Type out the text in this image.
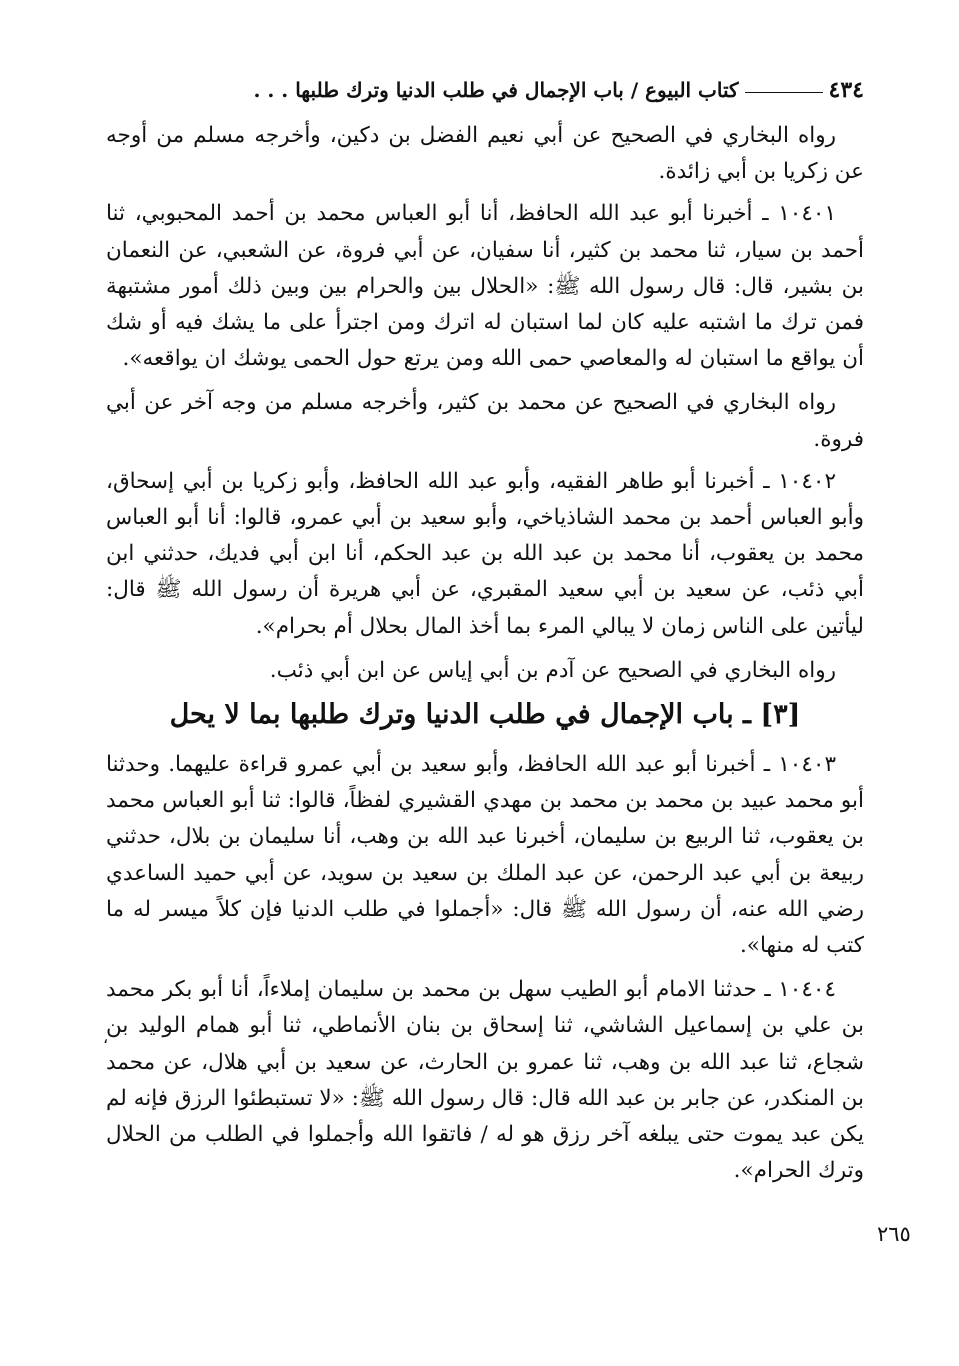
٤٣٤
كتاب البيوع / باب الإجمال في طلب الدنيا وترك طلبها . . .

رواه البخاري في الصحيح عن أبي نعيم الفضل بن دكين، وأخرجه مسلم من أوجه عن زكريا بن أبي زائدة.

١٠٤٠١ ـ أخبرنا أبو عبد الله الحافظ، أنا أبو العباس محمد بن أحمد المحبوبي، ثنا أحمد بن سيار، ثنا محمد بن كثير، أنا سفيان، عن أبي فروة، عن الشعبي، عن النعمان بن بشير، قال: قال رسول الله ﷺ: «الحلال بين والحرام بين وبين ذلك أمور مشتبهة فمن ترك ما اشتبه عليه كان لما استبان له اترك ومن اجترأ على ما يشك فيه أو شك أن يواقع ما استبان له والمعاصي حمى الله ومن يرتع حول الحمى يوشك ان يواقعه».

رواه البخاري في الصحيح عن محمد بن كثير، وأخرجه مسلم من وجه آخر عن أبي فروة.

١٠٤٠٢ ـ أخبرنا أبو طاهر الفقيه، وأبو عبد الله الحافظ، وأبو زكريا بن أبي إسحاق، وأبو العباس أحمد بن محمد الشاذياخي، وأبو سعيد بن أبي عمرو، قالوا: أنا أبو العباس محمد بن يعقوب، أنا محمد بن عبد الله بن عبد الحكم، أنا ابن أبي فديك، حدثني ابن أبي ذئب، عن سعيد بن أبي سعيد المقبري، عن أبي هريرة أن رسول الله ﷺ قال: ليأتين على الناس زمان لا يبالي المرء بما أخذ المال بحلال أم بحرام».

رواه البخاري في الصحيح عن آدم بن أبي إياس عن ابن أبي ذئب.

[٣] ـ باب الإجمال في طلب الدنيا وترك طلبها بما لا يحل

١٠٤٠٣ ـ أخبرنا أبو عبد الله الحافظ، وأبو سعيد بن أبي عمرو قراءة عليهما. وحدثنا أبو محمد عبيد بن محمد بن محمد بن مهدي القشيري لفظاً، قالوا: ثنا أبو العباس محمد بن يعقوب، ثنا الربيع بن سليمان، أخبرنا عبد الله بن وهب، أنا سليمان بن بلال، حدثني ربيعة بن أبي عبد الرحمن، عن عبد الملك بن سعيد بن سويد، عن أبي حميد الساعدي رضي الله عنه، أن رسول الله ﷺ قال: «أجملوا في طلب الدنيا فإن كلاً ميسر له ما كتب له منها».

١٠٤٠٤ ـ حدثنا الامام أبو الطيب سهل بن محمد بن سليمان إملاءاً، أنا أبو بكر محمد بن علي بن إسماعيل الشاشي، ثنا إسحاق بن بنان الأنماطي، ثنا أبو همام الوليد بن شجاع، ثنا عبد الله بن وهب، ثنا عمرو بن الحارث، عن سعيد بن أبي هلال، عن محمد بن المنكدر، عن جابر بن عبد الله قال: قال رسول الله ﷺ: «لا تستبطئوا الرزق فإنه لم يكن عبد يموت حتى يبلغه آخر رزق هو له / فاتقوا الله وأجملوا في الطلب من الحلال وترك الحرام».

،
٢٦٥
